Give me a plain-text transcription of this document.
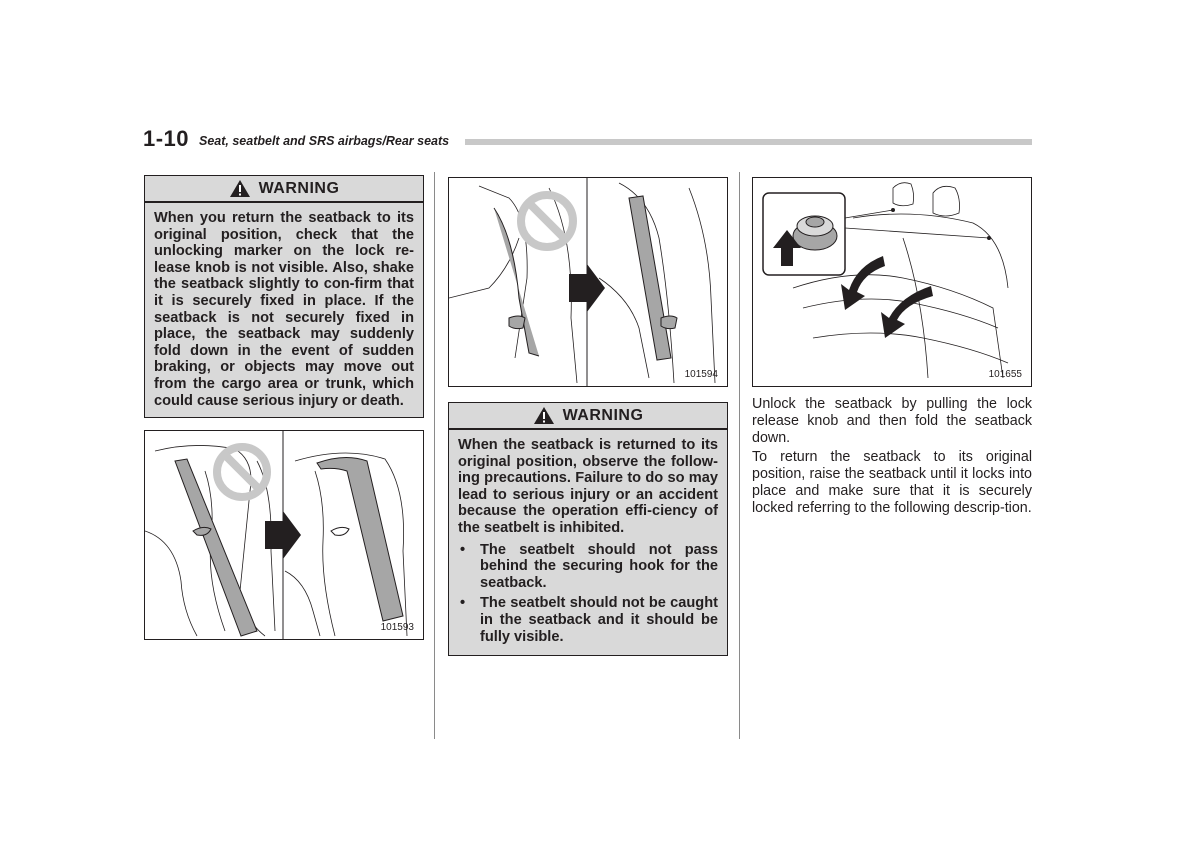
1-10 Seat, seatbelt and SRS airbags/Rear seats
WARNING

When you return the seatback to its original position, check that the unlocking marker on the lock re-lease knob is not visible. Also, shake the seatback slightly to con-firm that it is securely fixed in place. If the seatback is not securely fixed in place, the seatback may suddenly fold down in the event of sudden braking, or objects may move out from the cargo area or trunk, which could cause serious injury or death.

101593
101594
WARNING

When the seatback is returned to its original position, observe the follow-ing precautions. Failure to do so may lead to serious injury or an accident because the operation effi-ciency of the seatbelt is inhibited.

• The seatbelt should not pass behind the securing hook for the seatback.
• The seatbelt should not be caught in the seatback and it should be fully visible.
101655

Unlock the seatback by pulling the lock release knob and then fold the seatback down.

To return the seatback to its original position, raise the seatback until it locks into place and make sure that it is securely locked referring to the following descrip-tion.
